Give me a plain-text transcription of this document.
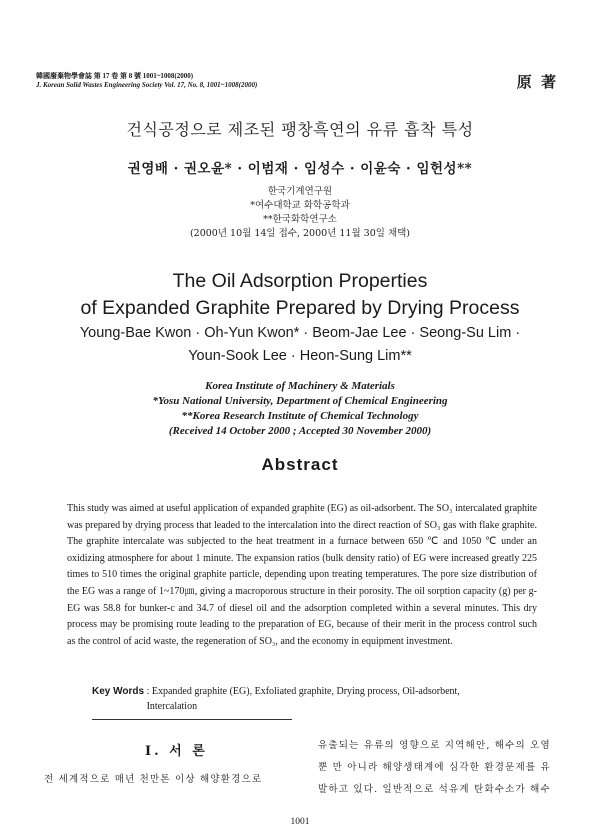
韓國廢棄物學會誌 第 17 卷 第 8 號 1001~1008(2000)
J. Korean Solid Wastes Engineering Society Vol. 17, No. 8, 1001~1008(2000)	原 著
건식공정으로 제조된 팽창흑연의 유류 흡착 특성
권영배 · 권오윤* · 이범재 · 임성수 · 이윤숙 · 임헌성**
한국기계연구원
*여수대학교 화학공학과
**한국화학연구소
(2000년 10월 14일 접수, 2000년 11월 30일 채택)
The Oil Adsorption Properties
of Expanded Graphite Prepared by Drying Process
Young-Bae Kwon · Oh-Yun Kwon* · Beom-Jae Lee · Seong-Su Lim ·
Youn-Sook Lee · Heon-Sung Lim**
Korea Institute of Machinery & Materials
*Yosu National University, Department of Chemical Engineering
**Korea Research Institute of Chemical Technology
(Received 14 October 2000 ; Accepted 30 November 2000)
Abstract

This study was aimed at useful application of expanded graphite (EG) as oil-adsorbent. The SO₃ intercalated graphite was prepared by drying process that leaded to the intercalation into the direct reaction of SO₃ gas with flake graphite. The graphite intercalate was subjected to the heat treatment in a furnace between 650 ℃ and 1050 ℃ under an oxidizing atmosphere for about 1 minute. The expansion ratios (bulk density ratio) of EG were increased greatly 225 times to 510 times the original graphite particle, depending upon treating temperatures. The pore size distribution of the EG was a range of 1~170㎛, giving a macroporous structure in their porosity. The oil sorption capacity (g) per g-EG was 58.8 for bunker-c and 34.7 of diesel oil and the adsorption completed within a several minutes. This dry process may be promising route leading to the preparation of EG, because of their merit in the process control such as the control of acid waste, the regeneration of SO₃, and the economy in equipment investment.

Key Words : Expanded graphite (EG), Exfoliated graphite, Drying process, Oil-adsorbent, Intercalation
Ⅰ. 서 론
전 세계적으로 매년 천만톤 이상 해양환경으로
유출되는 유류의 영향으로 지역해안, 해수의 오염
뿐 만 아니라 해양생태계에 심각한 환경문제를 유
발하고 있다. 일반적으로 석유계 탄화수소가 해수
1001
